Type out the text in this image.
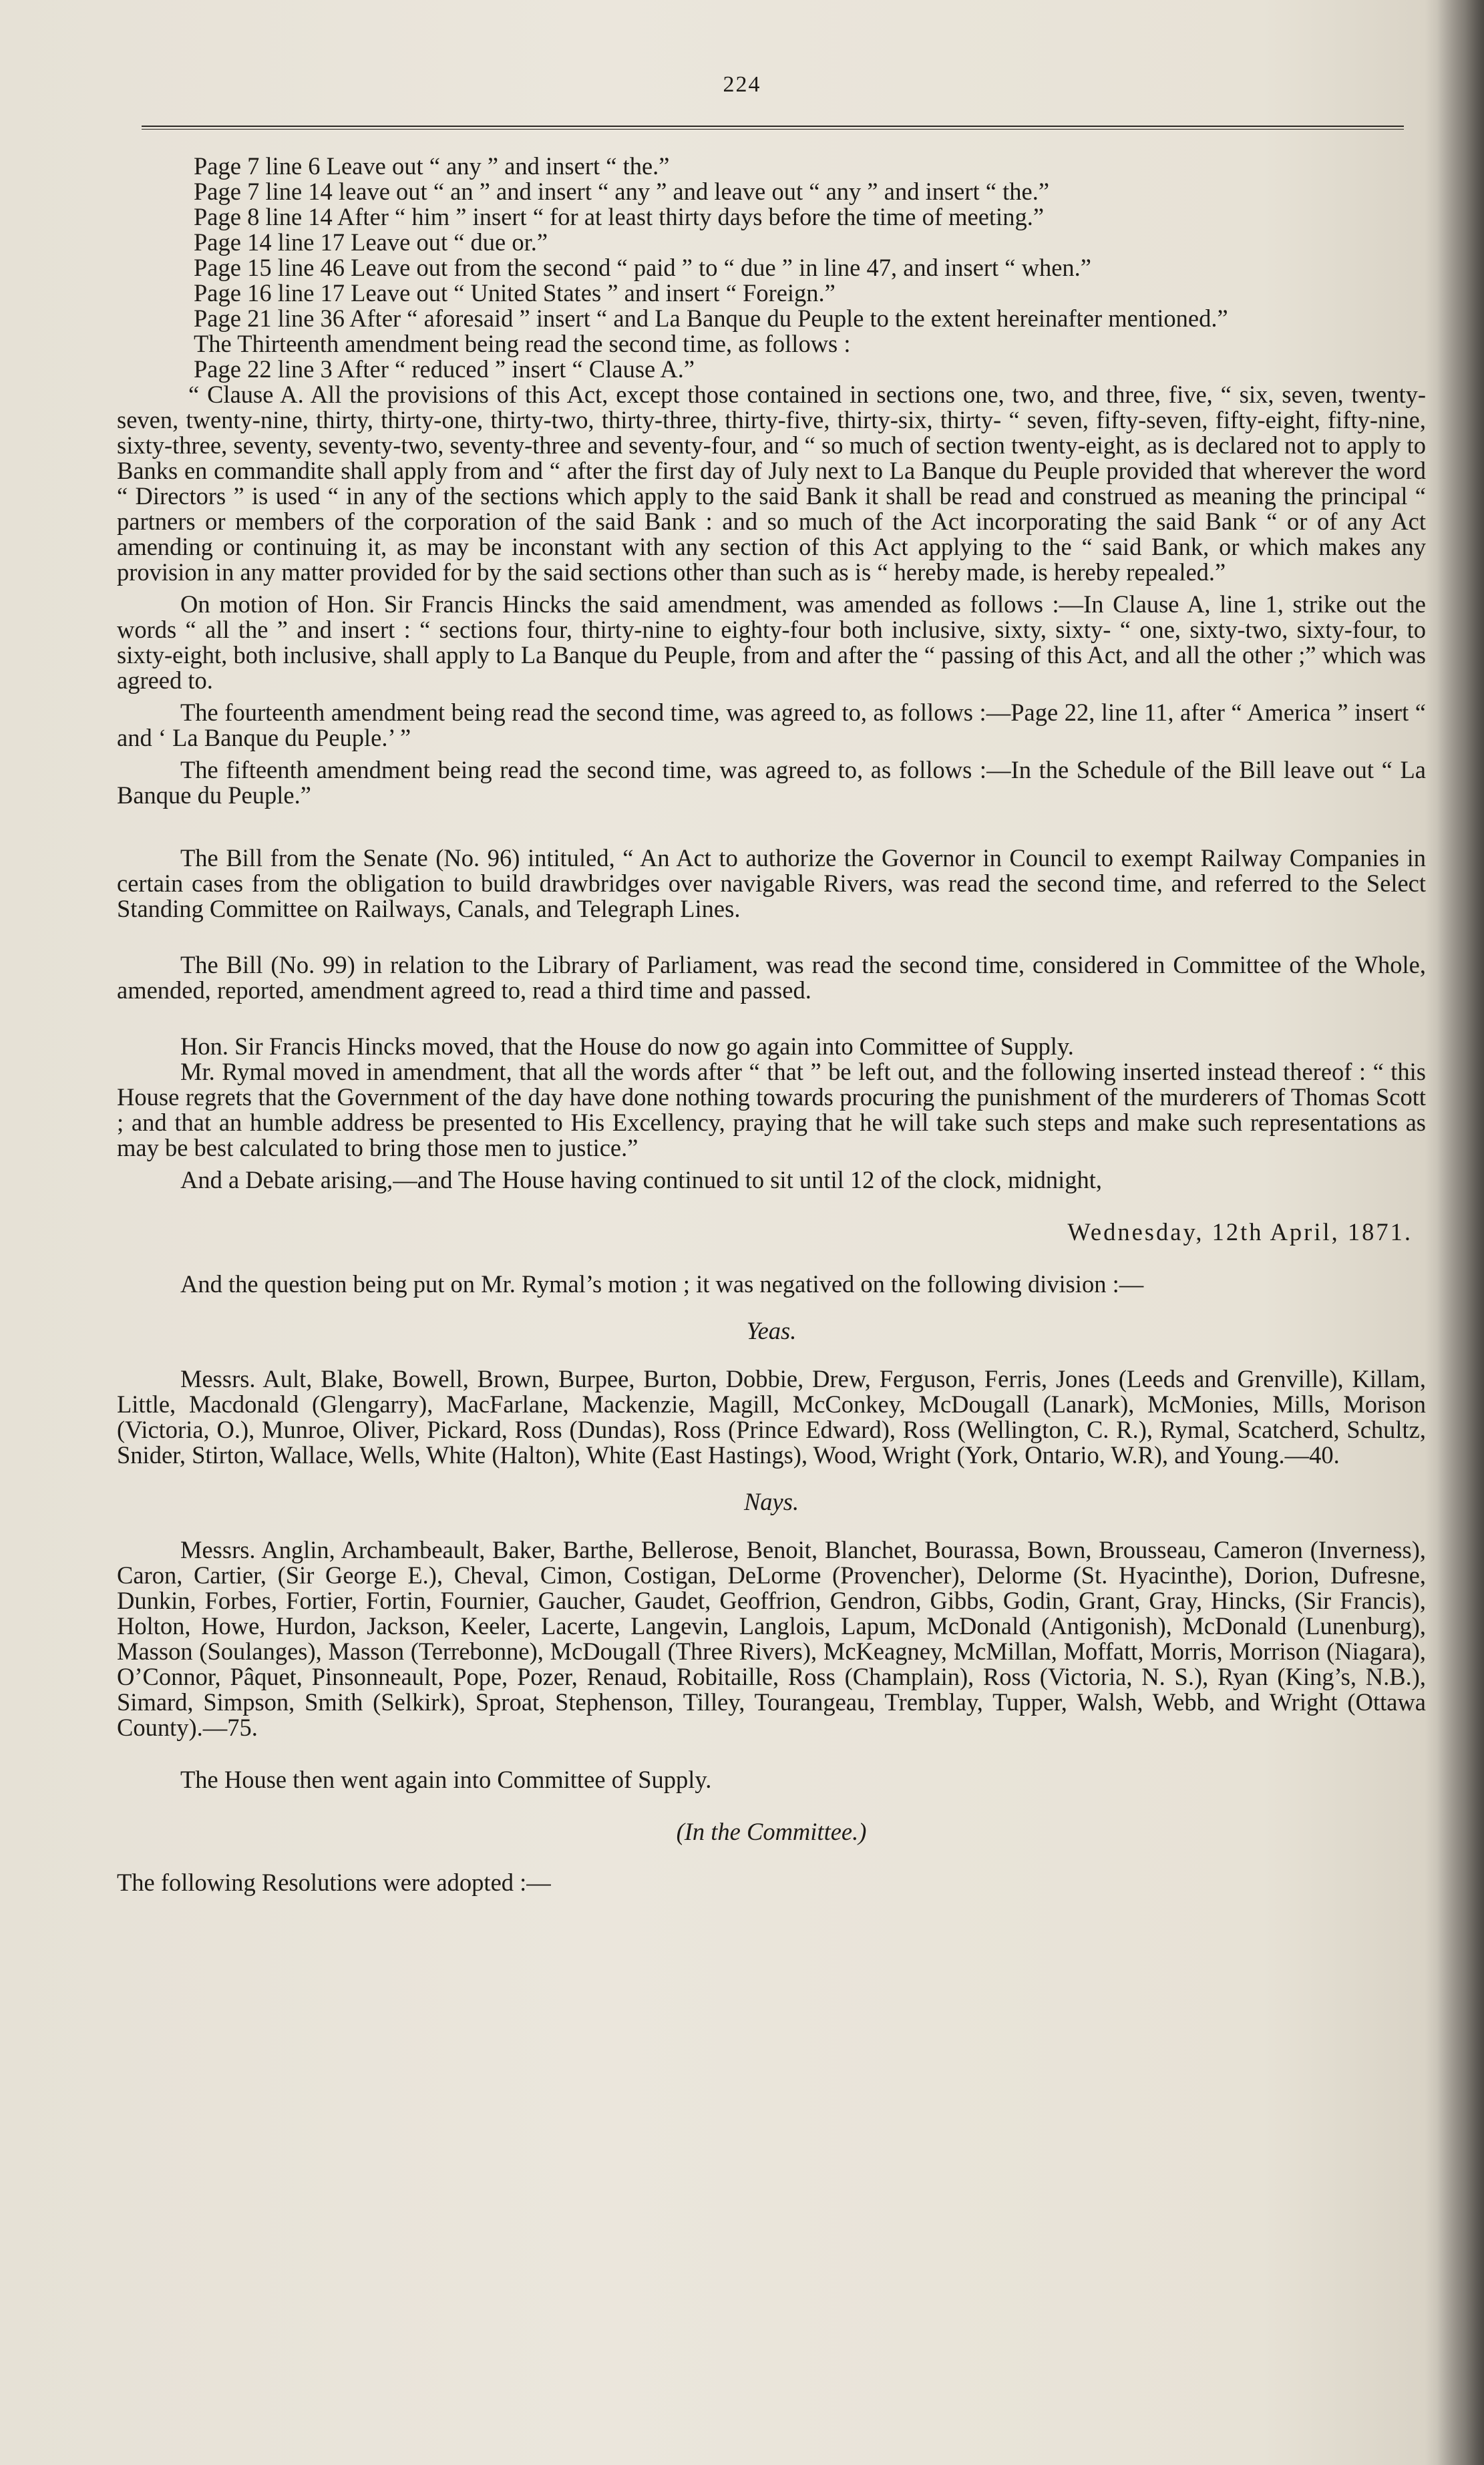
224

Page 7 line 6 Leave out “ any ” and insert “ the.”

Page 7 line 14 leave out “ an ” and insert “ any ” and leave out “ any ” and insert “ the.”

Page 8 line 14 After “ him ” insert “ for at least thirty days before the time of meeting.”

Page 14 line 17 Leave out “ due or.”

Page 15 line 46 Leave out from the second “ paid ” to “ due ” in line 47, and insert “ when.”

Page 16 line 17 Leave out “ United States ” and insert “ Foreign.”

Page 21 line 36 After “ aforesaid ” insert “ and La Banque du Peuple to the extent hereinafter mentioned.”

The Thirteenth amendment being read the second time, as follows :

Page 22 line 3 After “ reduced ” insert “ Clause A.”

“ Clause A. All the provisions of this Act, except those contained in sections one, two, and three, five, “ six, seven, twenty-seven, twenty-nine, thirty, thirty-one, thirty-two, thirty-three, thirty-five, thirty-six, thirty- “ seven, fifty-seven, fifty-eight, fifty-nine, sixty-three, seventy, seventy-two, seventy-three and seventy-four, and “ so much of section twenty-eight, as is declared not to apply to Banks en commandite shall apply from and “ after the first day of July next to La Banque du Peuple provided that wherever the word “ Directors ” is used “ in any of the sections which apply to the said Bank it shall be read and construed as meaning the principal “ partners or members of the corporation of the said Bank : and so much of the Act incorporating the said Bank “ or of any Act amending or continuing it, as may be inconstant with any section of this Act applying to the “ said Bank, or which makes any provision in any matter provided for by the said sections other than such as is “ hereby made, is hereby repealed.”

On motion of Hon. Sir Francis Hincks the said amendment, was amended as follows :—In Clause A, line 1, strike out the words “ all the ” and insert : “ sections four, thirty-nine to eighty-four both inclusive, sixty, sixty- “ one, sixty-two, sixty-four, to sixty-eight, both inclusive, shall apply to La Banque du Peuple, from and after the “ passing of this Act, and all the other ;” which was agreed to.

The fourteenth amendment being read the second time, was agreed to, as follows :—Page 22, line 11, after “ America ” insert “ and ‘ La Banque du Peuple.’ ”

The fifteenth amendment being read the second time, was agreed to, as follows :—In the Schedule of the Bill leave out “ La Banque du Peuple.”

The Bill from the Senate (No. 96) intituled, “ An Act to authorize the Governor in Council to exempt Railway Companies in certain cases from the obligation to build drawbridges over navigable Rivers, was read the second time, and referred to the Select Standing Committee on Railways, Canals, and Telegraph Lines.

The Bill (No. 99) in relation to the Library of Parliament, was read the second time, considered in Committee of the Whole, amended, reported, amendment agreed to, read a third time and passed.

Hon. Sir Francis Hincks moved, that the House do now go again into Committee of Supply.

Mr. Rymal moved in amendment, that all the words after “ that ” be left out, and the following inserted instead thereof : “ this House regrets that the Government of the day have done nothing towards procuring the punishment of the murderers of Thomas Scott ; and that an humble address be presented to His Excellency, praying that he will take such steps and make such representations as may be best calculated to bring those men to justice.”

And a Debate arising,—and The House having continued to sit until 12 of the clock, midnight,

Wednesday, 12th April, 1871.

And the question being put on Mr. Rymal’s motion ; it was negatived on the following division :—

Yeas.

Messrs. Ault, Blake, Bowell, Brown, Burpee, Burton, Dobbie, Drew, Ferguson, Ferris, Jones (Leeds and Grenville), Killam, Little, Macdonald (Glengarry), MacFarlane, Mackenzie, Magill, McConkey, McDougall (Lanark), McMonies, Mills, Morison (Victoria, O.), Munroe, Oliver, Pickard, Ross (Dundas), Ross (Prince Edward), Ross (Wellington, C. R.), Rymal, Scatcherd, Schultz, Snider, Stirton, Wallace, Wells, White (Halton), White (East Hastings), Wood, Wright (York, Ontario, W.R), and Young.—40.

Nays.

Messrs. Anglin, Archambeault, Baker, Barthe, Bellerose, Benoit, Blanchet, Bourassa, Bown, Brousseau, Cameron (Inverness), Caron, Cartier, (Sir George E.), Cheval, Cimon, Costigan, DeLorme (Provencher), Delorme (St. Hyacinthe), Dorion, Dufresne, Dunkin, Forbes, Fortier, Fortin, Fournier, Gaucher, Gaudet, Geoffrion, Gendron, Gibbs, Godin, Grant, Gray, Hincks, (Sir Francis), Holton, Howe, Hurdon, Jackson, Keeler, Lacerte, Langevin, Langlois, Lapum, McDonald (Antigonish), McDonald (Lunenburg), Masson (Soulanges), Masson (Terrebonne), McDougall (Three Rivers), McKeagney, McMillan, Moffatt, Morris, Morrison (Niagara), O’Connor, Pâquet, Pinsonneault, Pope, Pozer, Renaud, Robitaille, Ross (Champlain), Ross (Victoria, N. S.), Ryan (King’s, N.B.), Simard, Simpson, Smith (Selkirk), Sproat, Stephenson, Tilley, Tourangeau, Tremblay, Tupper, Walsh, Webb, and Wright (Ottawa County).—75.

The House then went again into Committee of Supply.

(In the Committee.)

The following Resolutions were adopted :—
